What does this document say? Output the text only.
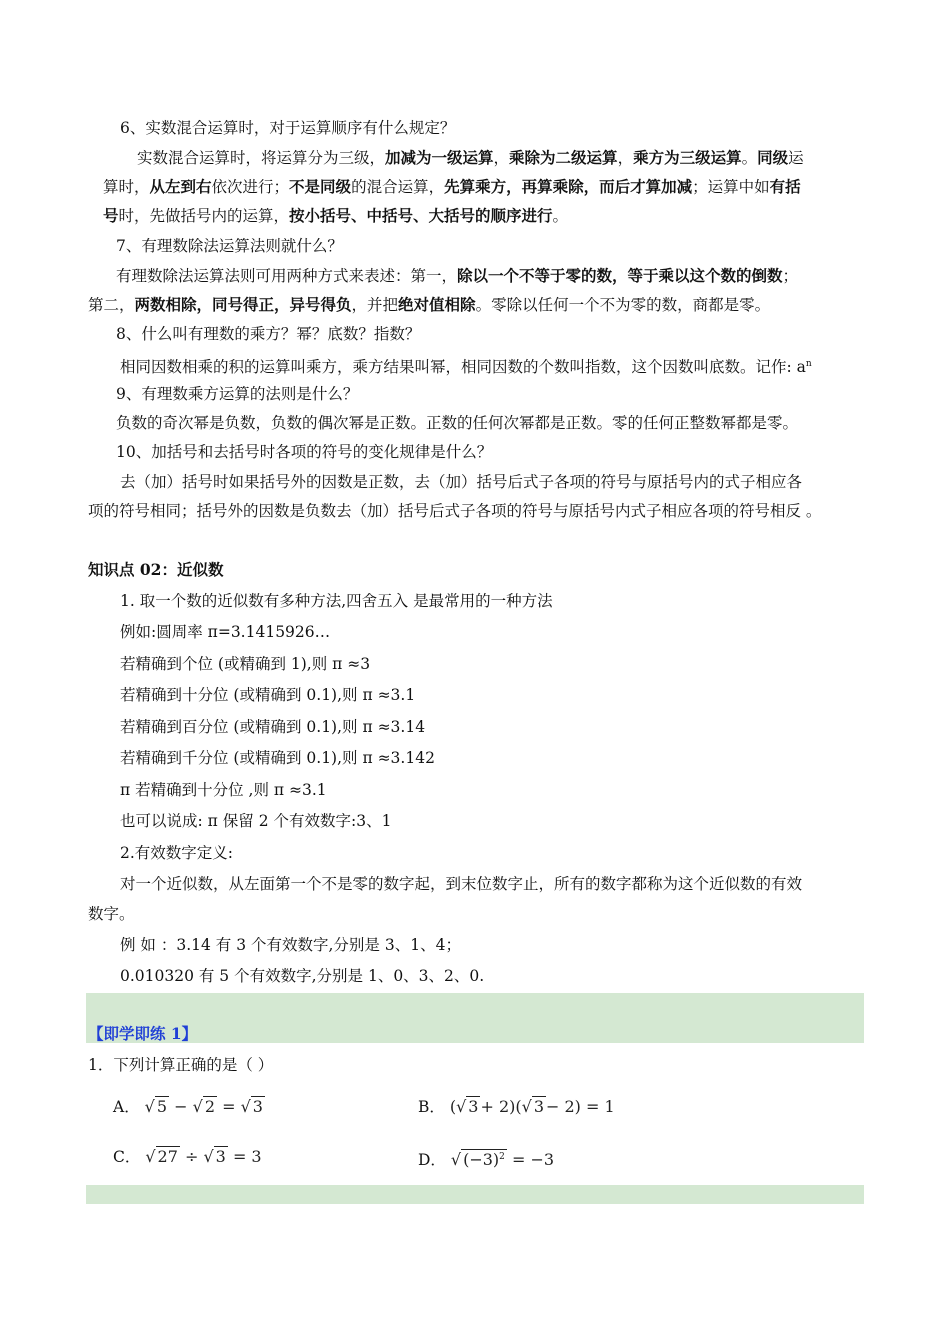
6、实数混合运算时，对于运算顺序有什么规定？
实数混合运算时，将运算分为三级，加减为一级运算，乘除为二级运算，乘方为三级运算。同级运
算时，从左到右依次进行；不是同级的混合运算，先算乘方，再算乘除，而后才算加减；运算中如有括
号时，先做括号内的运算，按小括号、中括号、大括号的顺序进行。
7、有理数除法运算法则就什么？
有理数除法运算法则可用两种方式来表述：第一，除以一个不等于零的数，等于乘以这个数的倒数；
第二，两数相除，同号得正，异号得负，并把绝对值相除。零除以任何一个不为零的数，商都是零。
8、什么叫有理数的乘方？幂？底数？指数？
相同因数相乘的积的运算叫乘方，乘方结果叫幂，相同因数的个数叫指数，这个因数叫底数。记作: $a^n$
9、有理数乘方运算的法则是什么？
负数的奇次幂是负数，负数的偶次幂是正数。正数的任何次幂都是正数。零的任何正整数幂都是零。
10、加括号和去括号时各项的符号的变化规律是什么？
去（加）括号时如果括号外的因数是正数，去（加）括号后式子各项的符号与原括号内的式子相应各
项的符号相同；括号外的因数是负数去（加）括号后式子各项的符号与原括号内式子相应各项的符号相反 。
知识点 02：近似数
1. 取一个数的近似数有多种方法,四舍五入 是最常用的一种方法
例如:圆周率 π=3.1415926…
若精确到个位 (或精确到 1),则 π ≈3
若精确到十分位 (或精确到 0.1),则 π ≈3.1
若精确到百分位 (或精确到 0.1),则 π ≈3.14
若精确到千分位 (或精确到 0.1),则 π ≈3.142
π 若精确到十分位 ,则 π ≈3.1
也可以说成: π 保留 2 个有效数字:3、1
2.有效数字定义:
对一个近似数，从左面第一个不是零的数字起，到末位数字止，所有的数字都称为这个近似数的有效
数字。
例 如 ：3.14 有 3 个有效数字,分别是 3、1、4；
0.010320 有 5 个有效数字,分别是 1、0、3、2、0.
【即学即练 1】
1．下列计算正确的是（ ）
A． √ 5 − √ 2 = √ 3	B． (√ 3 + 2)(√ 3 − 2) = 1
C． √ 27 ÷ √ 3 = 3	D． √ $(-3)^2 = -3$
